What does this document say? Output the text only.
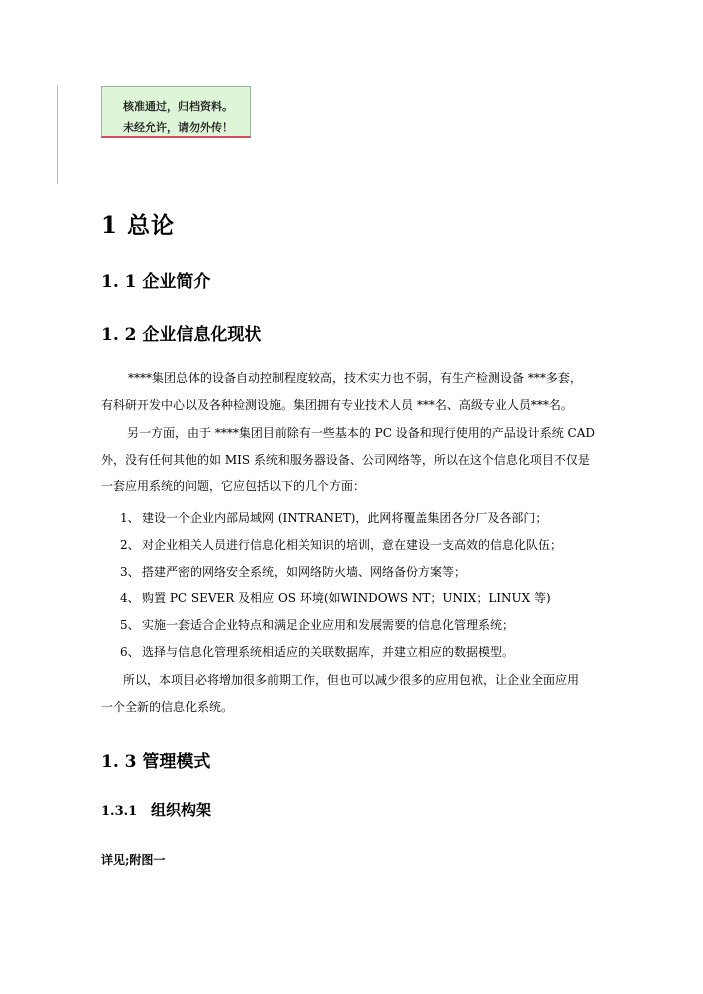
核准通过，归档资料。
未经允许，请勿外传！
1 总论
1. 1 企业简介
1. 2 企业信息化现状
****集团总体的设备自动控制程度较高，技术实力也不弱，有生产检测设备 ***多套，
有科研开发中心以及各种检测设施。集团拥有专业技术人员 ***名、高级专业人员***名。
另一方面，由于 ****集团目前除有一些基本的 PC 设备和现行使用的产品设计系统 CAD
外，没有任何其他的如 MIS 系统和服务器设备、公司网络等，所以在这个信息化项目不仅是
一套应用系统的问题，它应包括以下的几个方面：
1、 建设一个企业内部局域网 (INTRANET)，此网将覆盖集团各分厂及各部门；
2、 对企业相关人员进行信息化相关知识的培训，意在建设一支高效的信息化队伍；
3、 搭建严密的网络安全系统，如网络防火墙、网络备份方案等；
4、 购置 PC SEVER 及相应 OS 环境(如WINDOWS NT；UNIX；LINUX 等)
5、 实施一套适合企业特点和满足企业应用和发展需要的信息化管理系统；
6、 选择与信息化管理系统相适应的关联数据库，并建立相应的数据模型。
所以，本项目必将增加很多前期工作，但也可以减少很多的应用包袱，让企业全面应用
一个全新的信息化系统。
1. 3 管理模式
1.3.1 组织构架
详见;附图一
